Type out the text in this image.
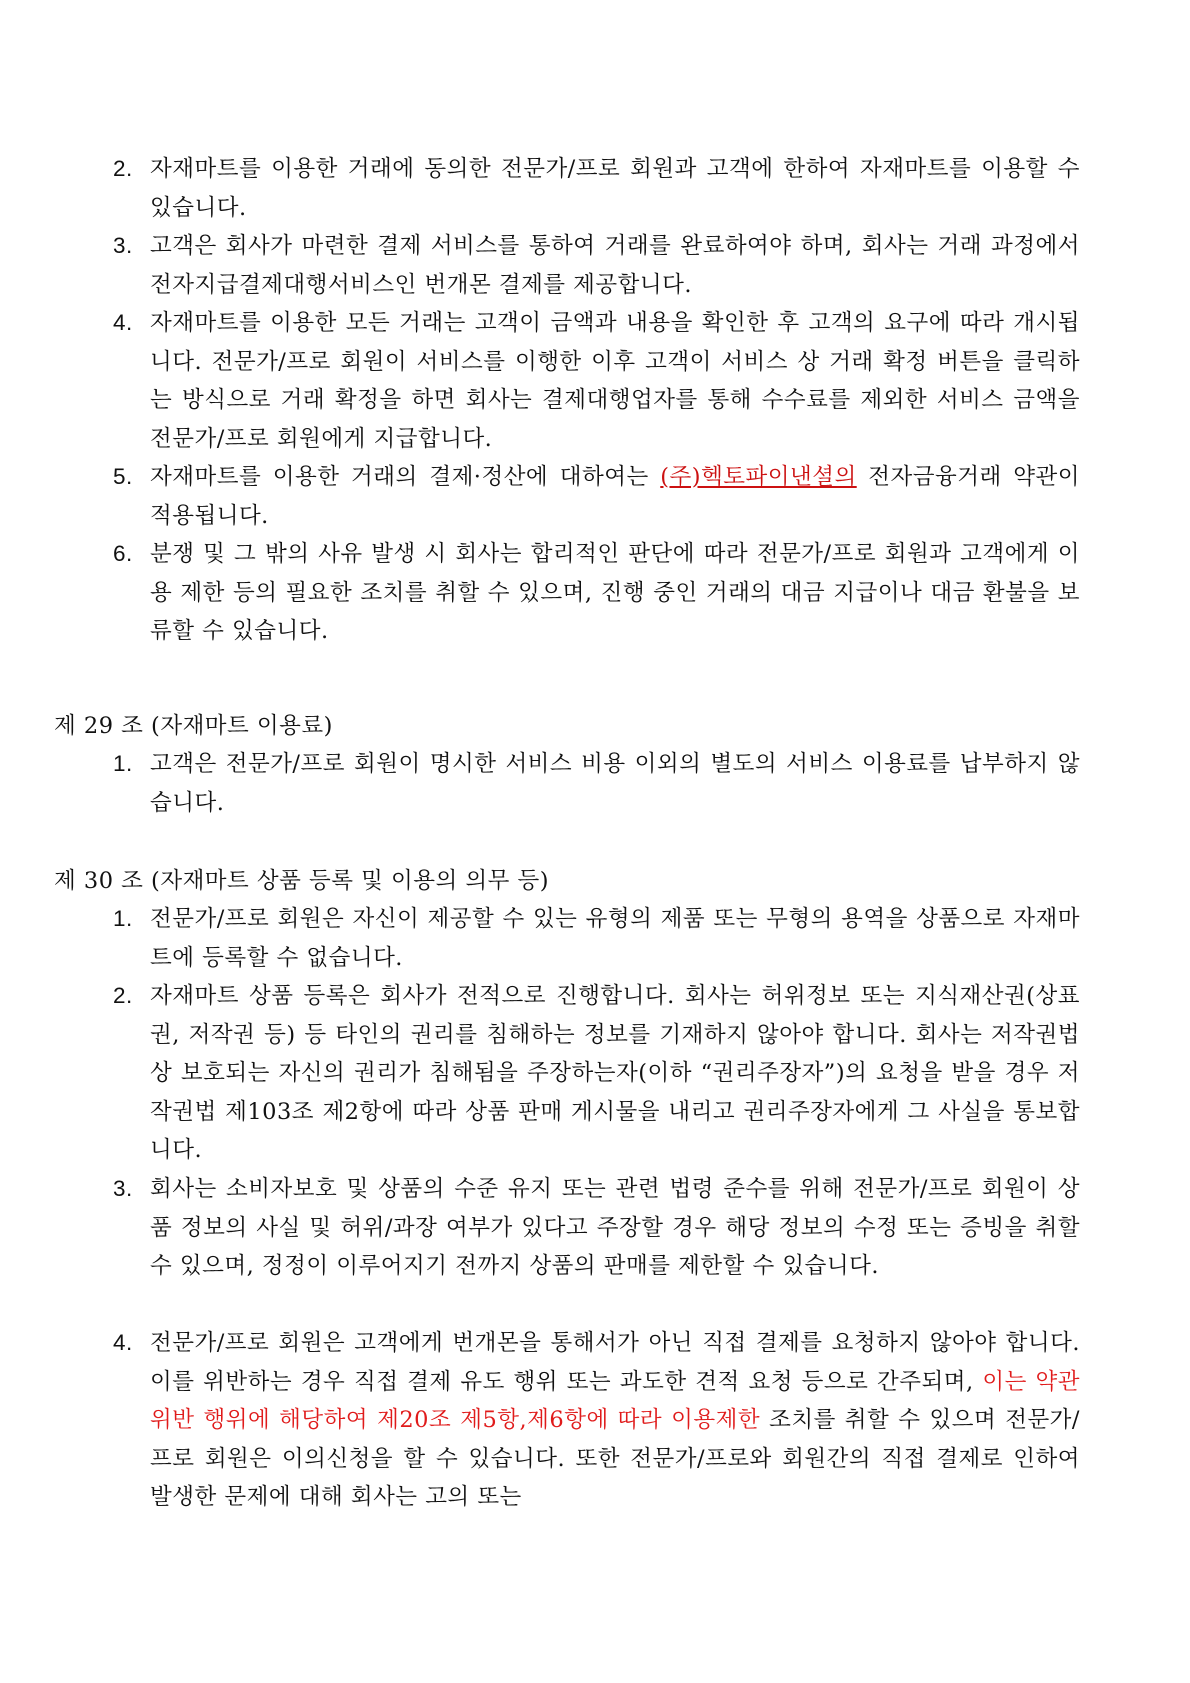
2. 자재마트를 이용한 거래에 동의한 전문가/프로 회원과 고객에 한하여 자재마트를 이용할 수 있습니다.
3. 고객은 회사가 마련한 결제 서비스를 통하여 거래를 완료하여야 하며, 회사는 거래 과정에서 전자지급결제대행서비스인 번개몬 결제를 제공합니다.
4. 자재마트를 이용한 모든 거래는 고객이 금액과 내용을 확인한 후 고객의 요구에 따라 개시됩니다. 전문가/프로 회원이 서비스를 이행한 이후 고객이 서비스 상 거래 확정 버튼을 클릭하는 방식으로 거래 확정을 하면 회사는 결제대행업자를 통해 수수료를 제외한 서비스 금액을 전문가/프로 회원에게 지급합니다.
5. 자재마트를 이용한 거래의 결제·정산에 대하여는 (주)헥토파이낸셜의 전자금융거래 약관이 적용됩니다.
6. 분쟁 및 그 밖의 사유 발생 시 회사는 합리적인 판단에 따라 전문가/프로 회원과 고객에게 이용 제한 등의 필요한 조치를 취할 수 있으며, 진행 중인 거래의 대금 지급이나 대금 환불을 보류할 수 있습니다.
제 29 조 (자재마트 이용료)
1. 고객은 전문가/프로 회원이 명시한 서비스 비용 이외의 별도의 서비스 이용료를 납부하지 않습니다.
제 30 조 (자재마트 상품 등록 및 이용의 의무 등)
1. 전문가/프로 회원은 자신이 제공할 수 있는 유형의 제품 또는 무형의 용역을 상품으로 자재마트에 등록할 수 없습니다.
2. 자재마트 상품 등록은 회사가 전적으로 진행합니다. 회사는 허위정보 또는 지식재산권(상표권, 저작권 등) 등 타인의 권리를 침해하는 정보를 기재하지 않아야 합니다. 회사는 저작권법상 보호되는 자신의 권리가 침해됨을 주장하는자(이하 “권리주장자”)의 요청을 받을 경우 저작권법 제103조 제2항에 따라 상품 판매 게시물을 내리고 권리주장자에게 그 사실을 통보합니다.
3. 회사는 소비자보호 및 상품의 수준 유지 또는 관련 법령 준수를 위해 전문가/프로 회원이 상품 정보의 사실 및 허위/과장 여부가 있다고 주장할 경우 해당 정보의 수정 또는 증빙을 취할 수 있으며, 정정이 이루어지기 전까지 상품의 판매를 제한할 수 있습니다.
4. 전문가/프로 회원은 고객에게 번개몬을 통해서가 아닌 직접 결제를 요청하지 않아야 합니다. 이를 위반하는 경우 직접 결제 유도 행위 또는 과도한 견적 요청 등으로 간주되며, 이는 약관 위반 행위에 해당하여 제20조 제5항,제6항에 따라 이용제한 조치를 취할 수 있으며 전문가/프로 회원은 이의신청을 할 수 있습니다. 또한 전문가/프로와 회원간의 직접 결제로 인하여 발생한 문제에 대해 회사는 고의 또는
